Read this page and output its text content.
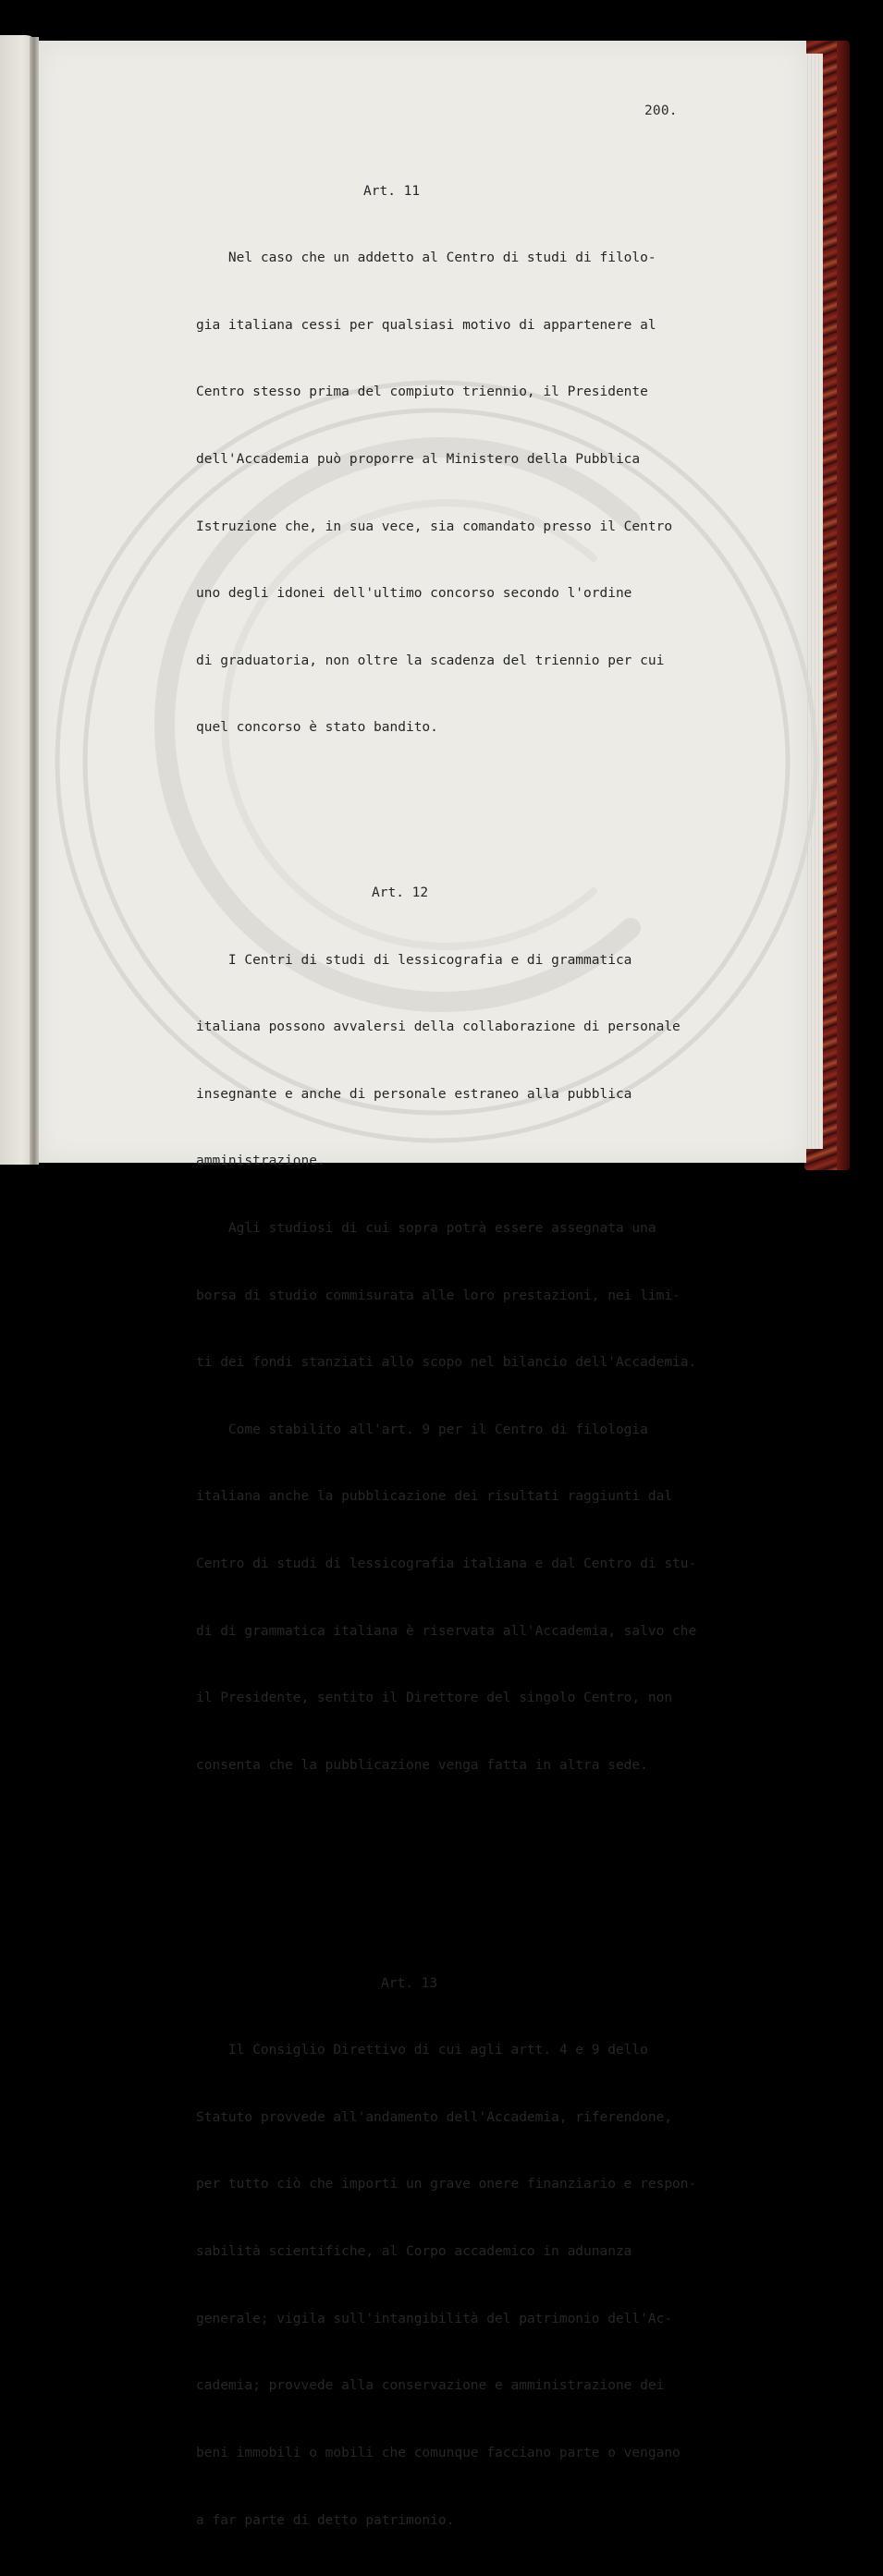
200.

Art. 11

Nel caso che un addetto al Centro di studi di filolo-

gia italiana cessi per qualsiasi motivo di appartenere al

Centro stesso prima del compiuto triennio, il Presidente

dell'Accademia può proporre al Ministero della Pubblica

Istruzione che, in sua vece, sia comandato presso il Centro

uno degli idonei dell'ultimo concorso secondo l'ordine

di graduatoria, non oltre la scadenza del triennio per cui

quel concorso è stato bandito.

Art. 12

I Centri di studi di lessicografia e di grammatica

italiana possono avvalersi della collaborazione di personale

insegnante e anche di personale estraneo alla pubblica

amministrazione.

Agli studiosi di cui sopra potrà essere assegnata una

borsa di studio commisurata alle loro prestazioni, nei limi-

ti dei fondi stanziati allo scopo nel bilancio dell'Accademia.

Come stabilito all'art. 9 per il Centro di filologia

italiana anche la pubblicazione dei risultati raggiunti dal

Centro di studi di lessicografia italiana e dal Centro di stu-

di di grammatica italiana è riservata all'Accademia, salvo che

il Presidente, sentito il Direttore del singolo Centro, non

consenta che la pubblicazione venga fatta in altra sede.

Art. 13

Il Consiglio Direttivo di cui agli artt. 4 e 9 dello

Statuto provvede all'andamento dell'Accademia, riferendone,

per tutto ciò che importi un grave onere finanziario e respon-

sabilità scientifiche, al Corpo accademico in adunanza

generale; vigila sull'intangibilità del patrimonio dell'Ac-

cademia; provvede alla conservazione e amministrazione dei

beni immobili o mobili che comunque facciano parte o vengano

a far parte di detto patrimonio.
